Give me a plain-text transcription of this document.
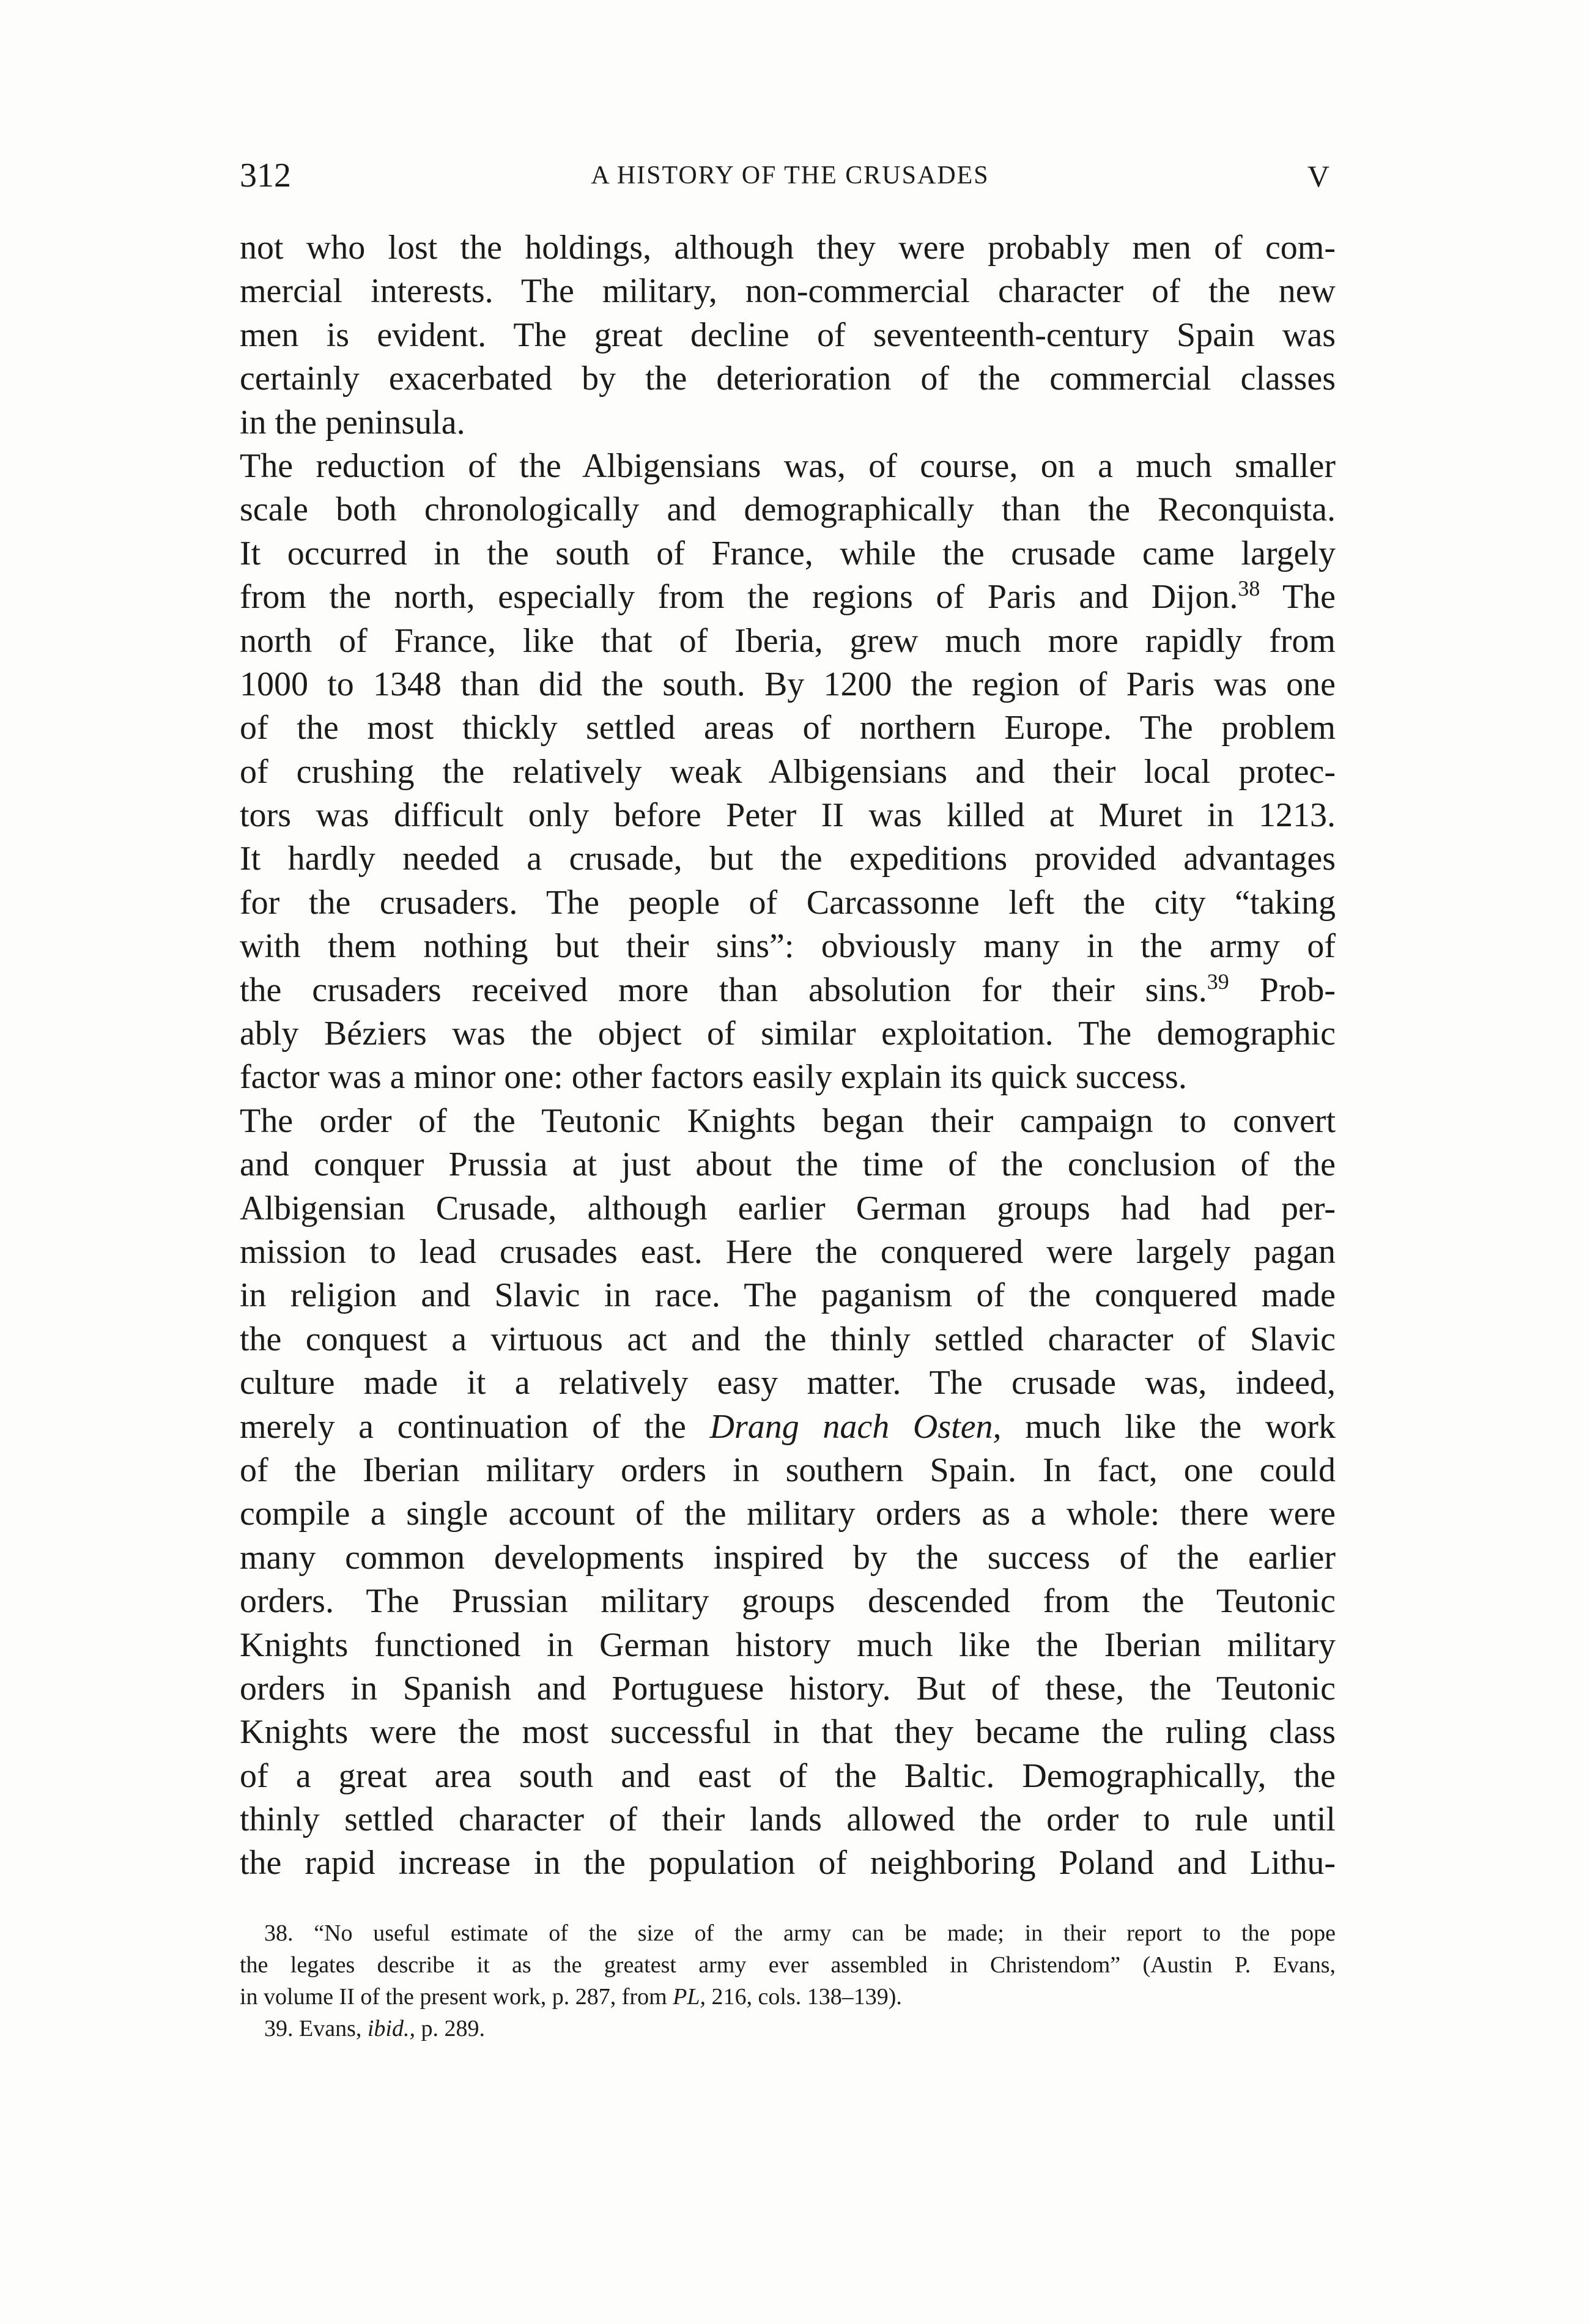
312	A HISTORY OF THE CRUSADES	V
not who lost the holdings, although they were probably men of com-
mercial interests. The military, non-commercial character of the new
men is evident. The great decline of seventeenth-century Spain was
certainly exacerbated by the deterioration of the commercial classes
in the peninsula.
The reduction of the Albigensians was, of course, on a much smaller
scale both chronologically and demographically than the Reconquista.
It occurred in the south of France, while the crusade came largely
from the north, especially from the regions of Paris and Dijon.$^{38}$ The
north of France, like that of Iberia, grew much more rapidly from
1000 to 1348 than did the south. By 1200 the region of Paris was one
of the most thickly settled areas of northern Europe. The problem
of crushing the relatively weak Albigensians and their local protec-
tors was difficult only before Peter II was killed at Muret in 1213.
It hardly needed a crusade, but the expeditions provided advantages
for the crusaders. The people of Carcassonne left the city “taking
with them nothing but their sins”: obviously many in the army of
the crusaders received more than absolution for their sins.$^{39}$ Prob-
ably Béziers was the object of similar exploitation. The demographic
factor was a minor one: other factors easily explain its quick success.
The order of the Teutonic Knights began their campaign to convert
and conquer Prussia at just about the time of the conclusion of the
Albigensian Crusade, although earlier German groups had had per-
mission to lead crusades east. Here the conquered were largely pagan
in religion and Slavic in race. The paganism of the conquered made
the conquest a virtuous act and the thinly settled character of Slavic
culture made it a relatively easy matter. The crusade was, indeed,
merely a continuation of the Drang nach Osten, much like the work
of the Iberian military orders in southern Spain. In fact, one could
compile a single account of the military orders as a whole: there were
many common developments inspired by the success of the earlier
orders. The Prussian military groups descended from the Teutonic
Knights functioned in German history much like the Iberian military
orders in Spanish and Portuguese history. But of these, the Teutonic
Knights were the most successful in that they became the ruling class
of a great area south and east of the Baltic. Demographically, the
thinly settled character of their lands allowed the order to rule until
the rapid increase in the population of neighboring Poland and Lithu-
38. “No useful estimate of the size of the army can be made; in their report to the pope
the legates describe it as the greatest army ever assembled in Christendom” (Austin P. Evans,
in volume II of the present work, p. 287, from PL, 216, cols. 138–139).
39. Evans, ibid., p. 289.
